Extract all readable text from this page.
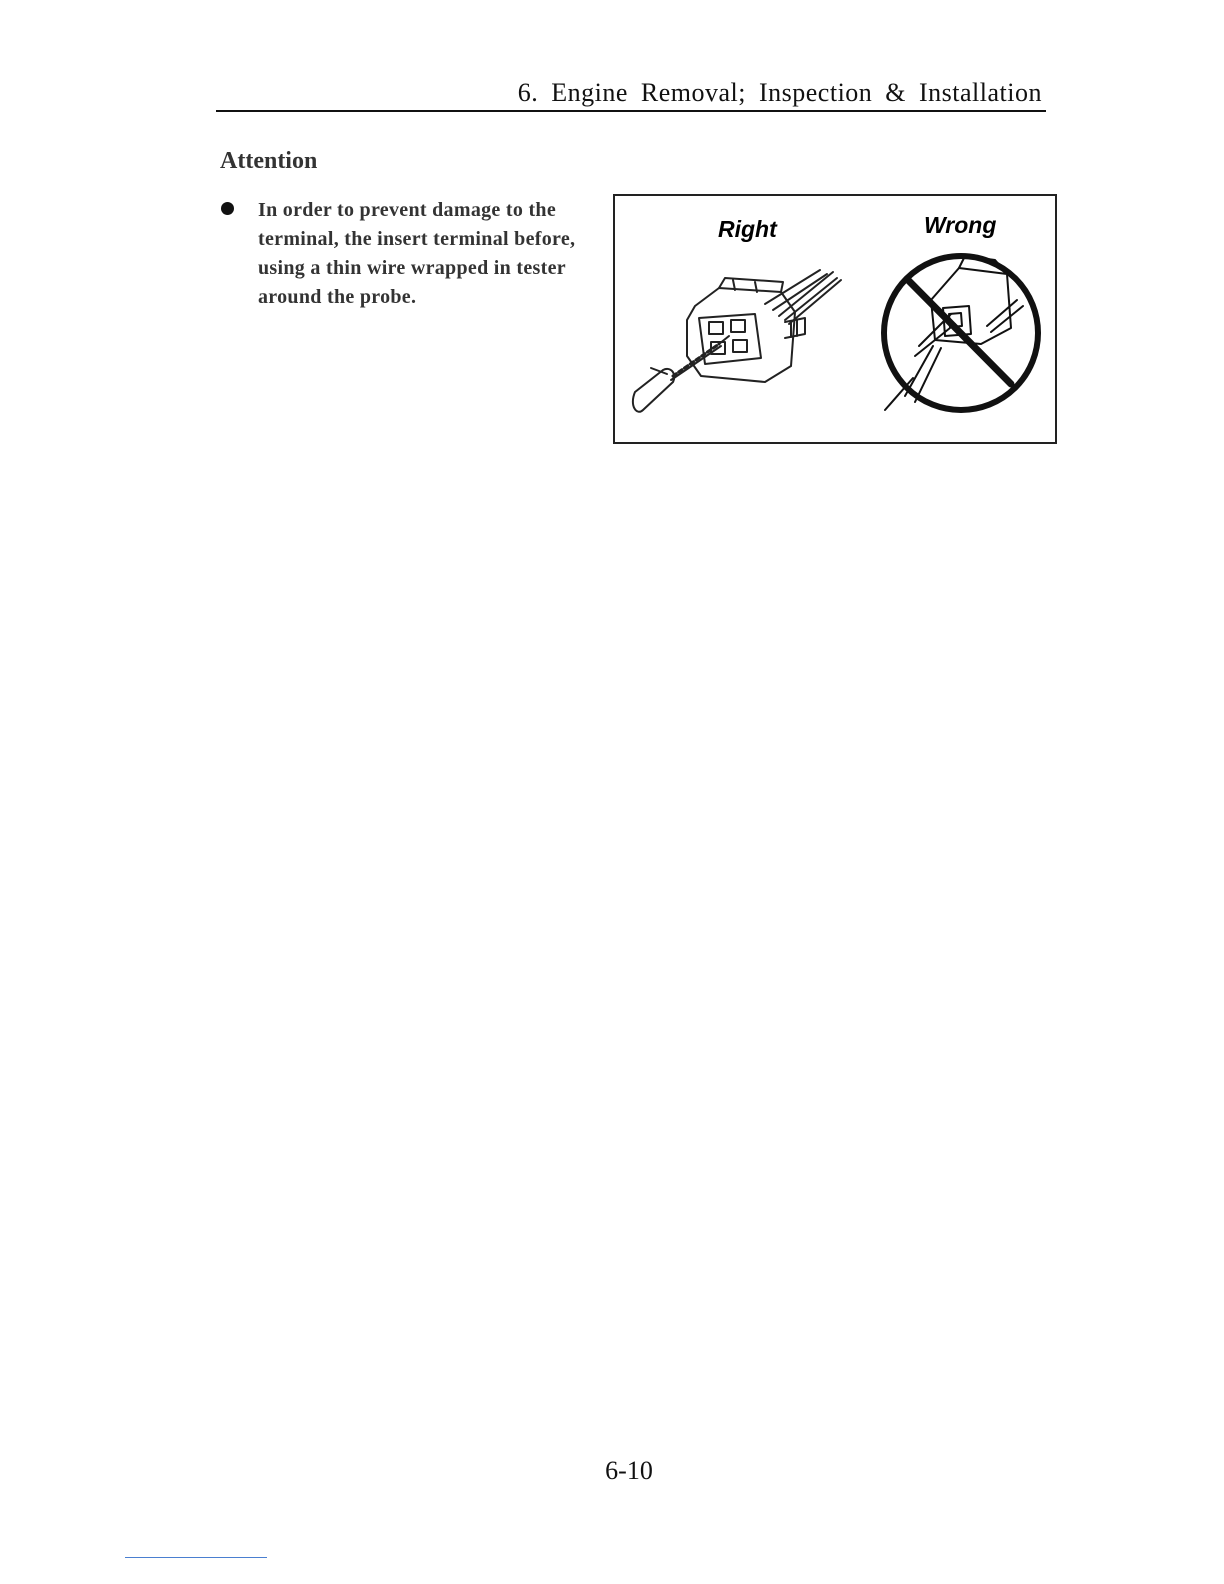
6. Engine Removal; Inspection & Installation
Attention

In order to prevent damage to the terminal, the insert terminal before, using a thin wire wrapped in tester around the probe.

Right	Wrong
6-10
